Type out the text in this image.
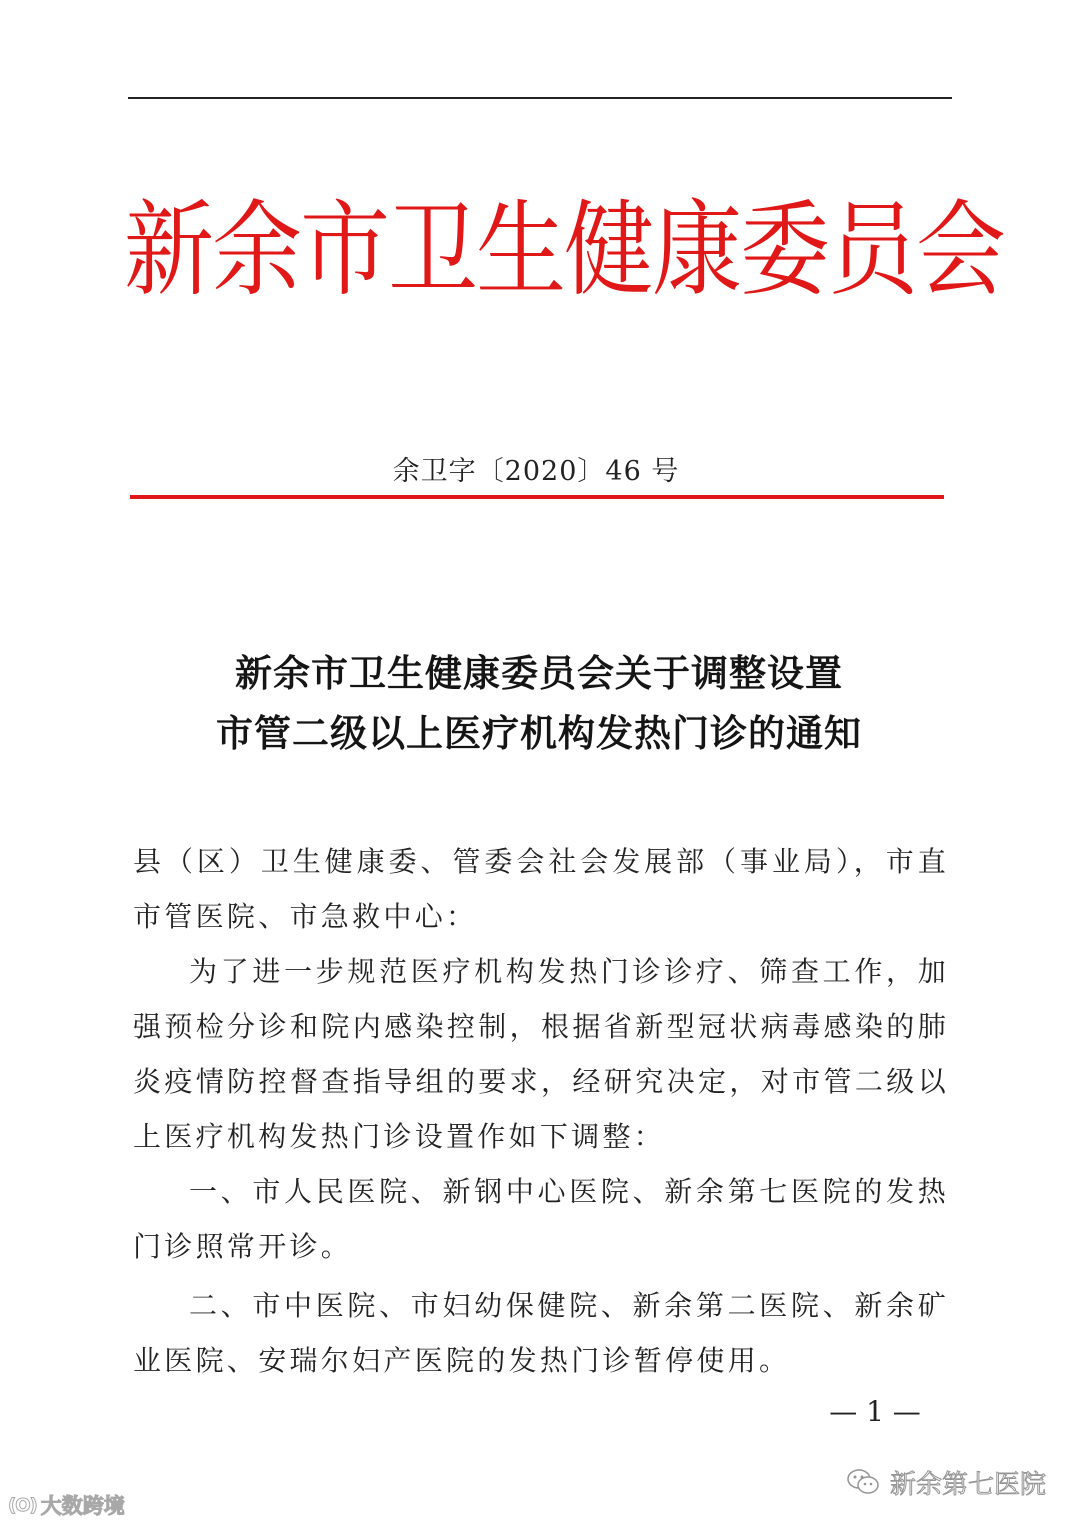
新余市卫生健康委员会
余卫字〔2020〕46 号
新余市卫生健康委员会关于调整设置
市管二级以上医疗机构发热门诊的通知

县（区）卫生健康委、管委会社会发展部（事业局），市直市管医院、市急救中心：

为了进一步规范医疗机构发热门诊诊疗、筛查工作，加强预检分诊和院内感染控制，根据省新型冠状病毒感染的肺炎疫情防控督查指导组的要求，经研究决定，对市管二级以上医疗机构发热门诊设置作如下调整：

一、市人民医院、新钢中心医院、新余第七医院的发热门诊照常开诊。

二、市中医院、市妇幼保健院、新余第二医院、新余矿业医院、安瑞尔妇产医院的发热门诊暂停使用。

— 1 —
(O) 大数跨境
新余第七医院
